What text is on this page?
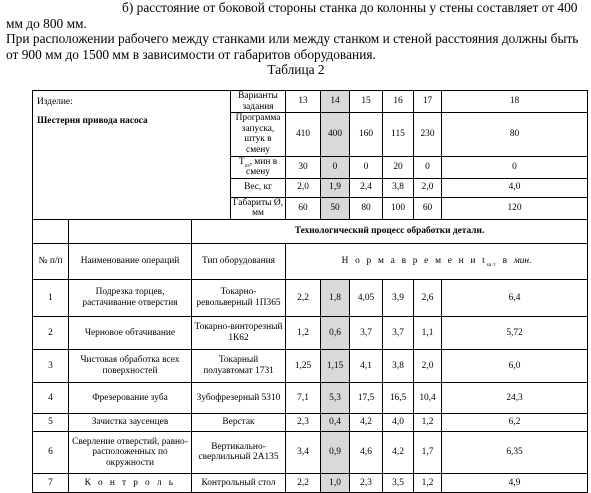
б) расстояние от боковой стороны станка до колонны у стены составляет от 400 мм до 800 мм.

При расположении рабочего между станками или между станком и стеной расстояния должны быть от 900 мм до 1500 мм в зависимости от габаритов оборудования.

Таблица 2

Изделие:
Шестерня привода насоса			Варианты задания	13	14	15	16	17	18
			Программа запуска, штук в смену	410	400	160	115	230	80
			$T_{пз}$, мин в смену	30	0	0	20	0	0
			Вес, кг	2,0	1,9	2,4	3,8	2,0	4,0
			Габариты Ø, мм	60	50	80	100	60	120
		Технологический процесс обработки детали.							
№ п/п	Наименование операций	Тип оборудования		Н о р м а в р е м е н и $t_{шт}$ в мин.					
1	Подрезка торцев, растачивание отверстия	Токарно-револьверный 1П365		2,2	1,8	4,05	3,9	2,6	6,4
2	Черновое обтачивание	Токарно-винторезный 1К62		1,2	0,6	3,7	3,7	1,1	5,72
3	Чистовая обработка всех поверхностей	Токарный полуавтомат 1731		1,25	1,15	4,1	3,8	2,0	6,0
4	Фрезерование зуба	Зубофрезерный 5310		7,1	5,3	17,5	16,5	10,4	24,3
5	Зачистка заусенцев	Верстак		2,3	0,4	4,2	4,0	1,2	6,2
6	Сверление отверстий, равно-расположенных по окружности	Вертикально-сверлильный 2А135		3,4	0,9	4,6	4,2	1,7	6,35
7	К о н т р о л ь	Контрольный стол		2,2	1,0	2,3	3,5	1,2	4,9
